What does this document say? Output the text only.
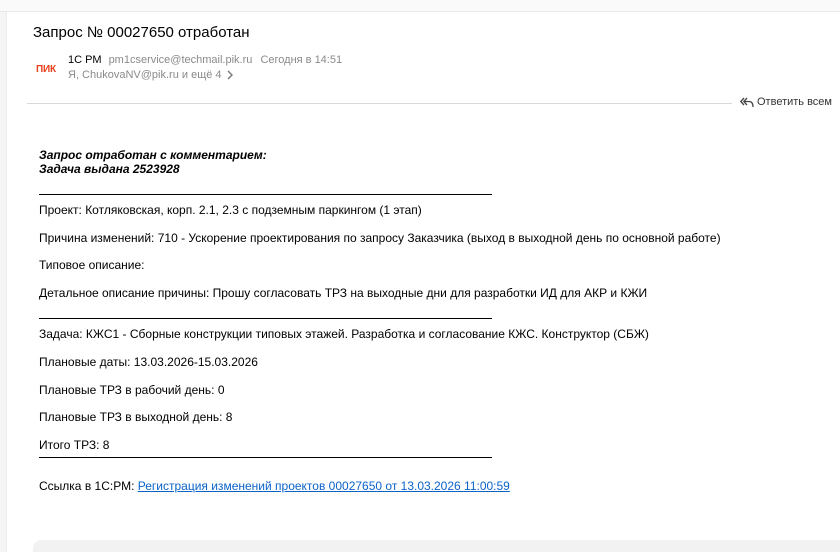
Запрос № 00027650 отработан
ПИК
1С РМ pm1cservice@techmail.pik.ru Сегодня в 14:51
Я, ChukovaNV@pik.ru и ещё 4
Ответить всем
Запрос отработан с комментарием:
Задача выдана 2523928
Проект: Котляковская, корп. 2.1, 2.3 с подземным паркингом (1 этап)
Причина изменений: 710 - Ускорение проектирования по запросу Заказчика (выход в выходной день по основной работе)
Типовое описание:
Детальное описание причины: Прошу согласовать ТРЗ на выходные дни для разработки ИД для АКР и КЖИ
Задача: КЖС1 - Сборные конструкции типовых этажей. Разработка и согласование КЖС. Конструктор (СБЖ)
Плановые даты: 13.03.2026-15.03.2026
Плановые ТРЗ в рабочий день: 0
Плановые ТРЗ в выходной день: 8
Итого ТРЗ: 8
Ссылка в 1С:РМ: Регистрация изменений проектов 00027650 от 13.03.2026 11:00:59
